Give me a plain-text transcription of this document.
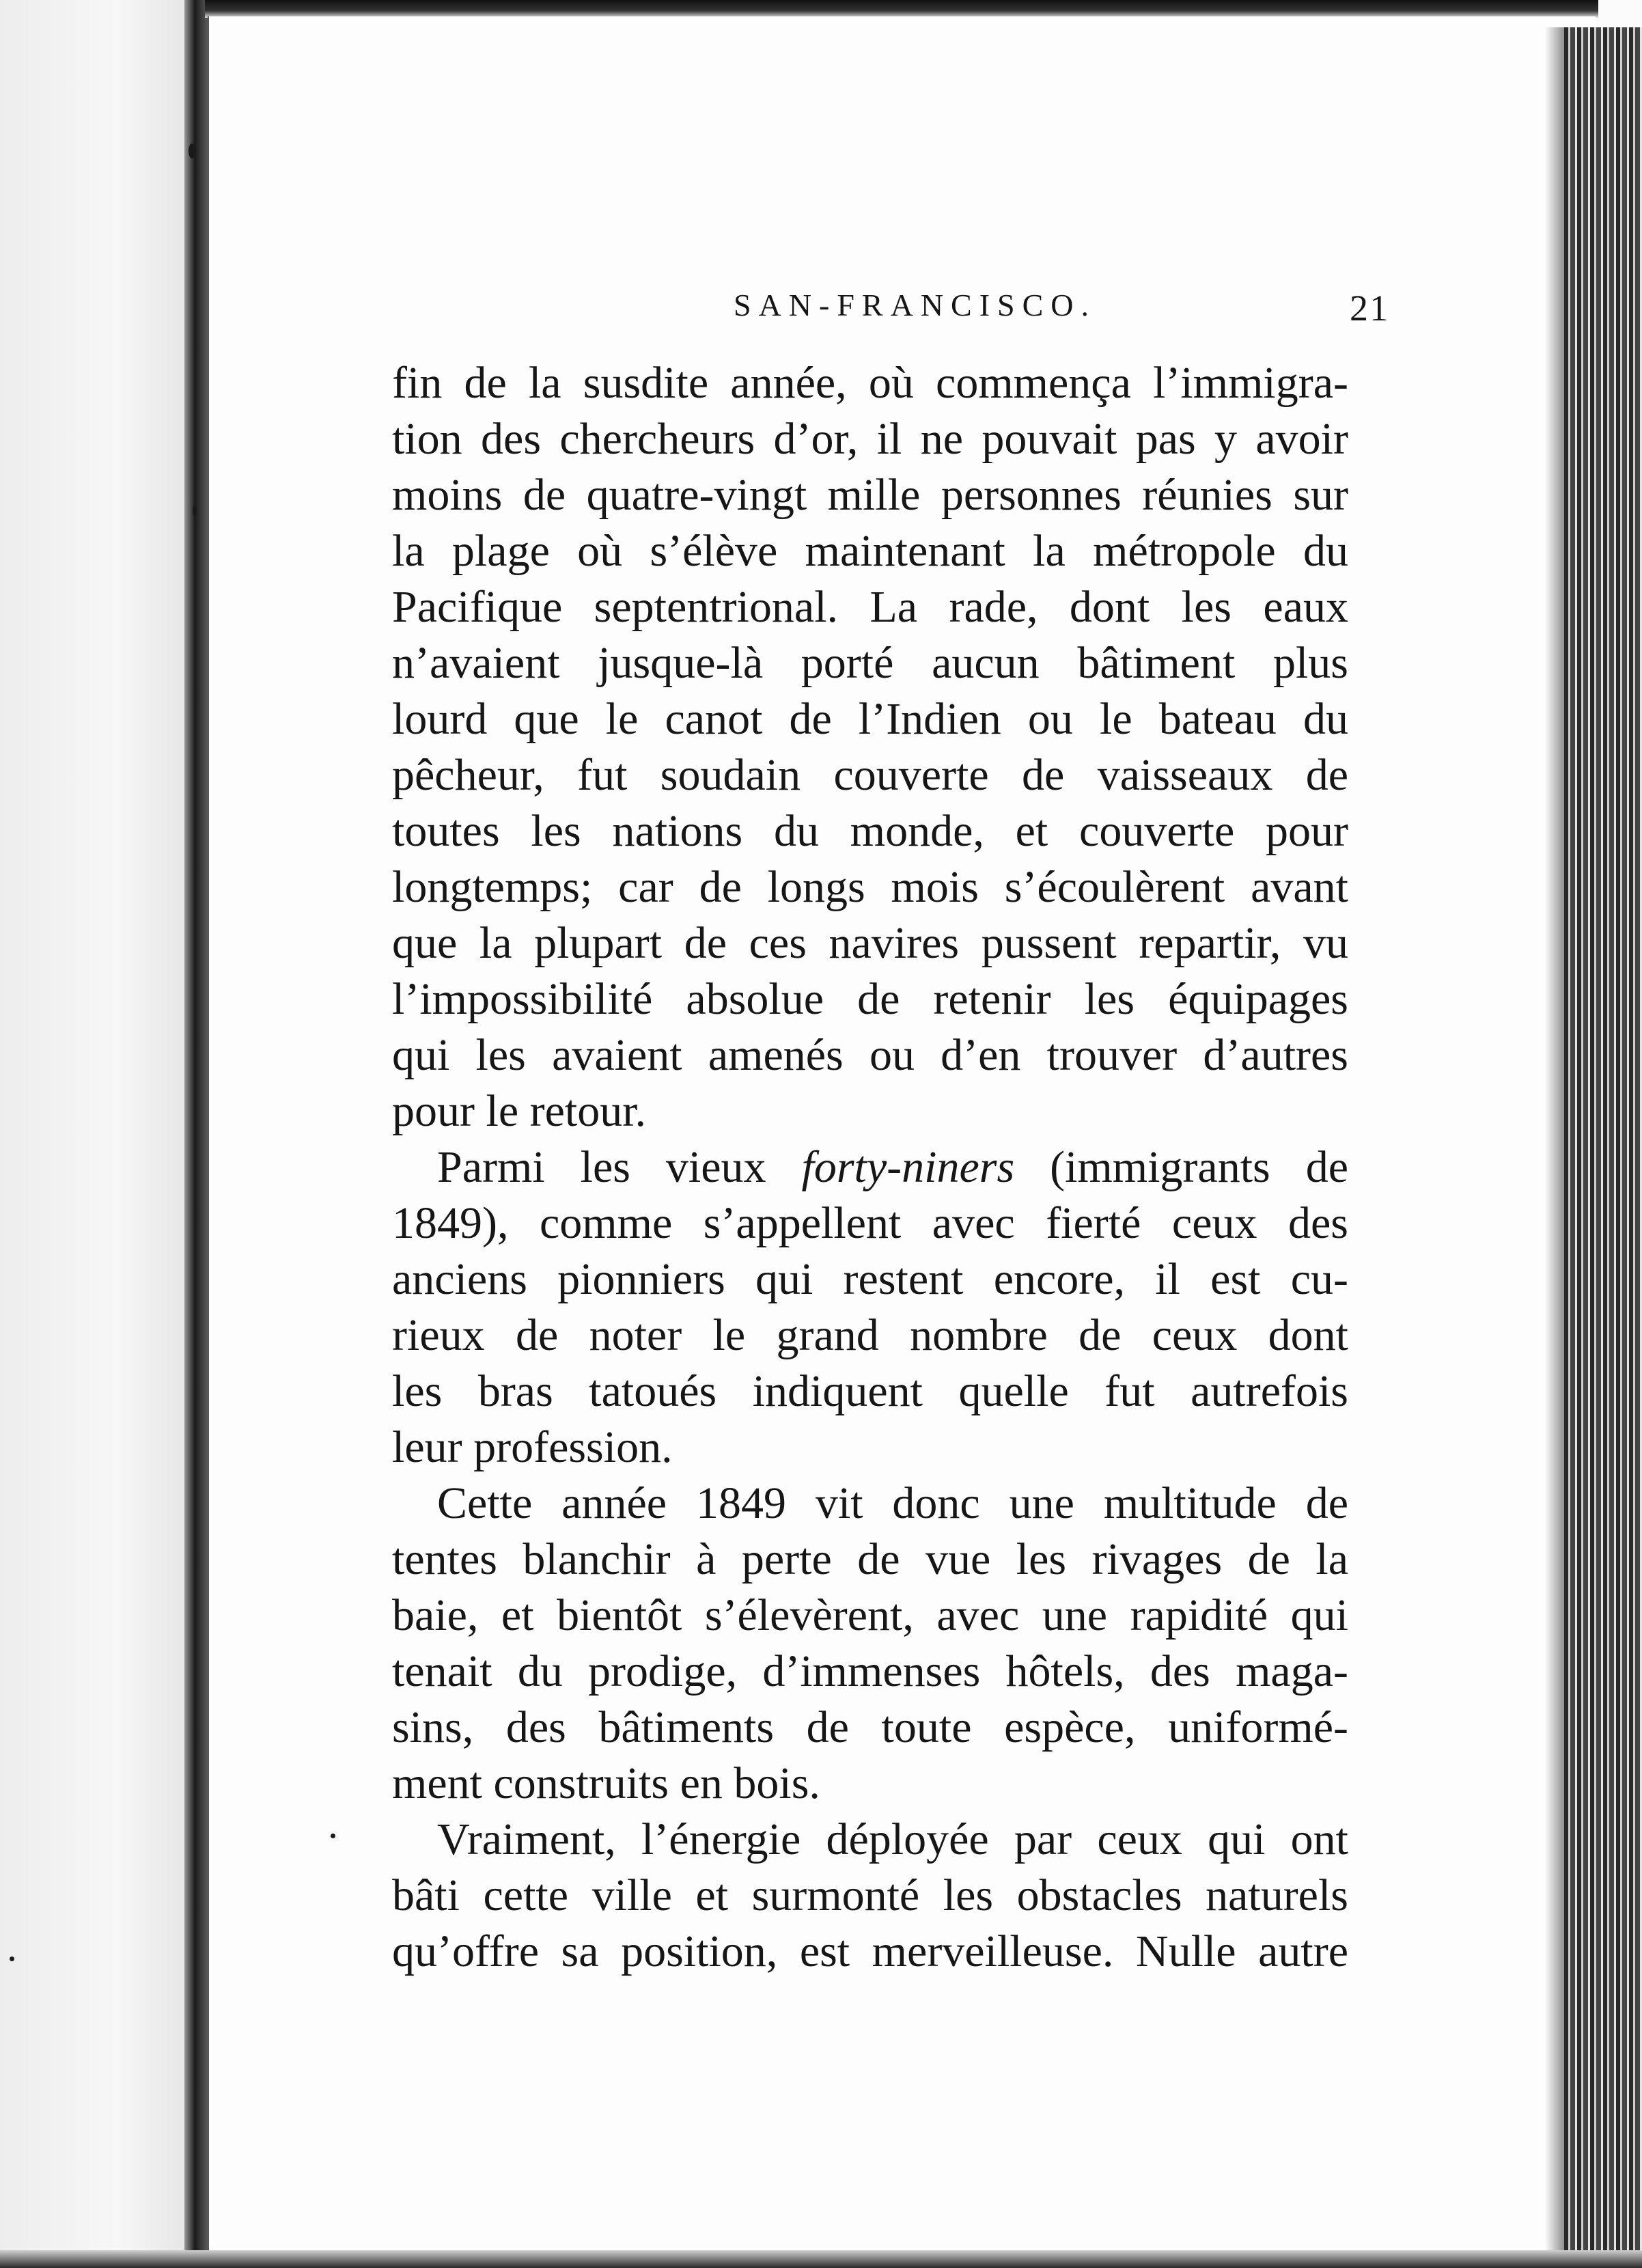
SAN-FRANCISCO.	21
fin de la susdite année, où commença l’immigra-
tion des chercheurs d’or, il ne pouvait pas y avoir
moins de quatre-vingt mille personnes réunies sur
la plage où s’élève maintenant la métropole du
Pacifique septentrional. La rade, dont les eaux
n’avaient jusque-là porté aucun bâtiment plus
lourd que le canot de l’Indien ou le bateau du
pêcheur, fut soudain couverte de vaisseaux de
toutes les nations du monde, et couverte pour
longtemps; car de longs mois s’écoulèrent avant
que la plupart de ces navires pussent repartir, vu
l’impossibilité absolue de retenir les équipages
qui les avaient amenés ou d’en trouver d’autres
pour le retour.
Parmi les vieux forty-niners (immigrants de
1849), comme s’appellent avec fierté ceux des
anciens pionniers qui restent encore, il est cu-
rieux de noter le grand nombre de ceux dont
les bras tatoués indiquent quelle fut autrefois
leur profession.
Cette année 1849 vit donc une multitude de
tentes blanchir à perte de vue les rivages de la
baie, et bientôt s’élevèrent, avec une rapidité qui
tenait du prodige, d’immenses hôtels, des maga-
sins, des bâtiments de toute espèce, uniformé-
ment construits en bois.
Vraiment, l’énergie déployée par ceux qui ont
bâti cette ville et surmonté les obstacles naturels
qu’offre sa position, est merveilleuse. Nulle autre
